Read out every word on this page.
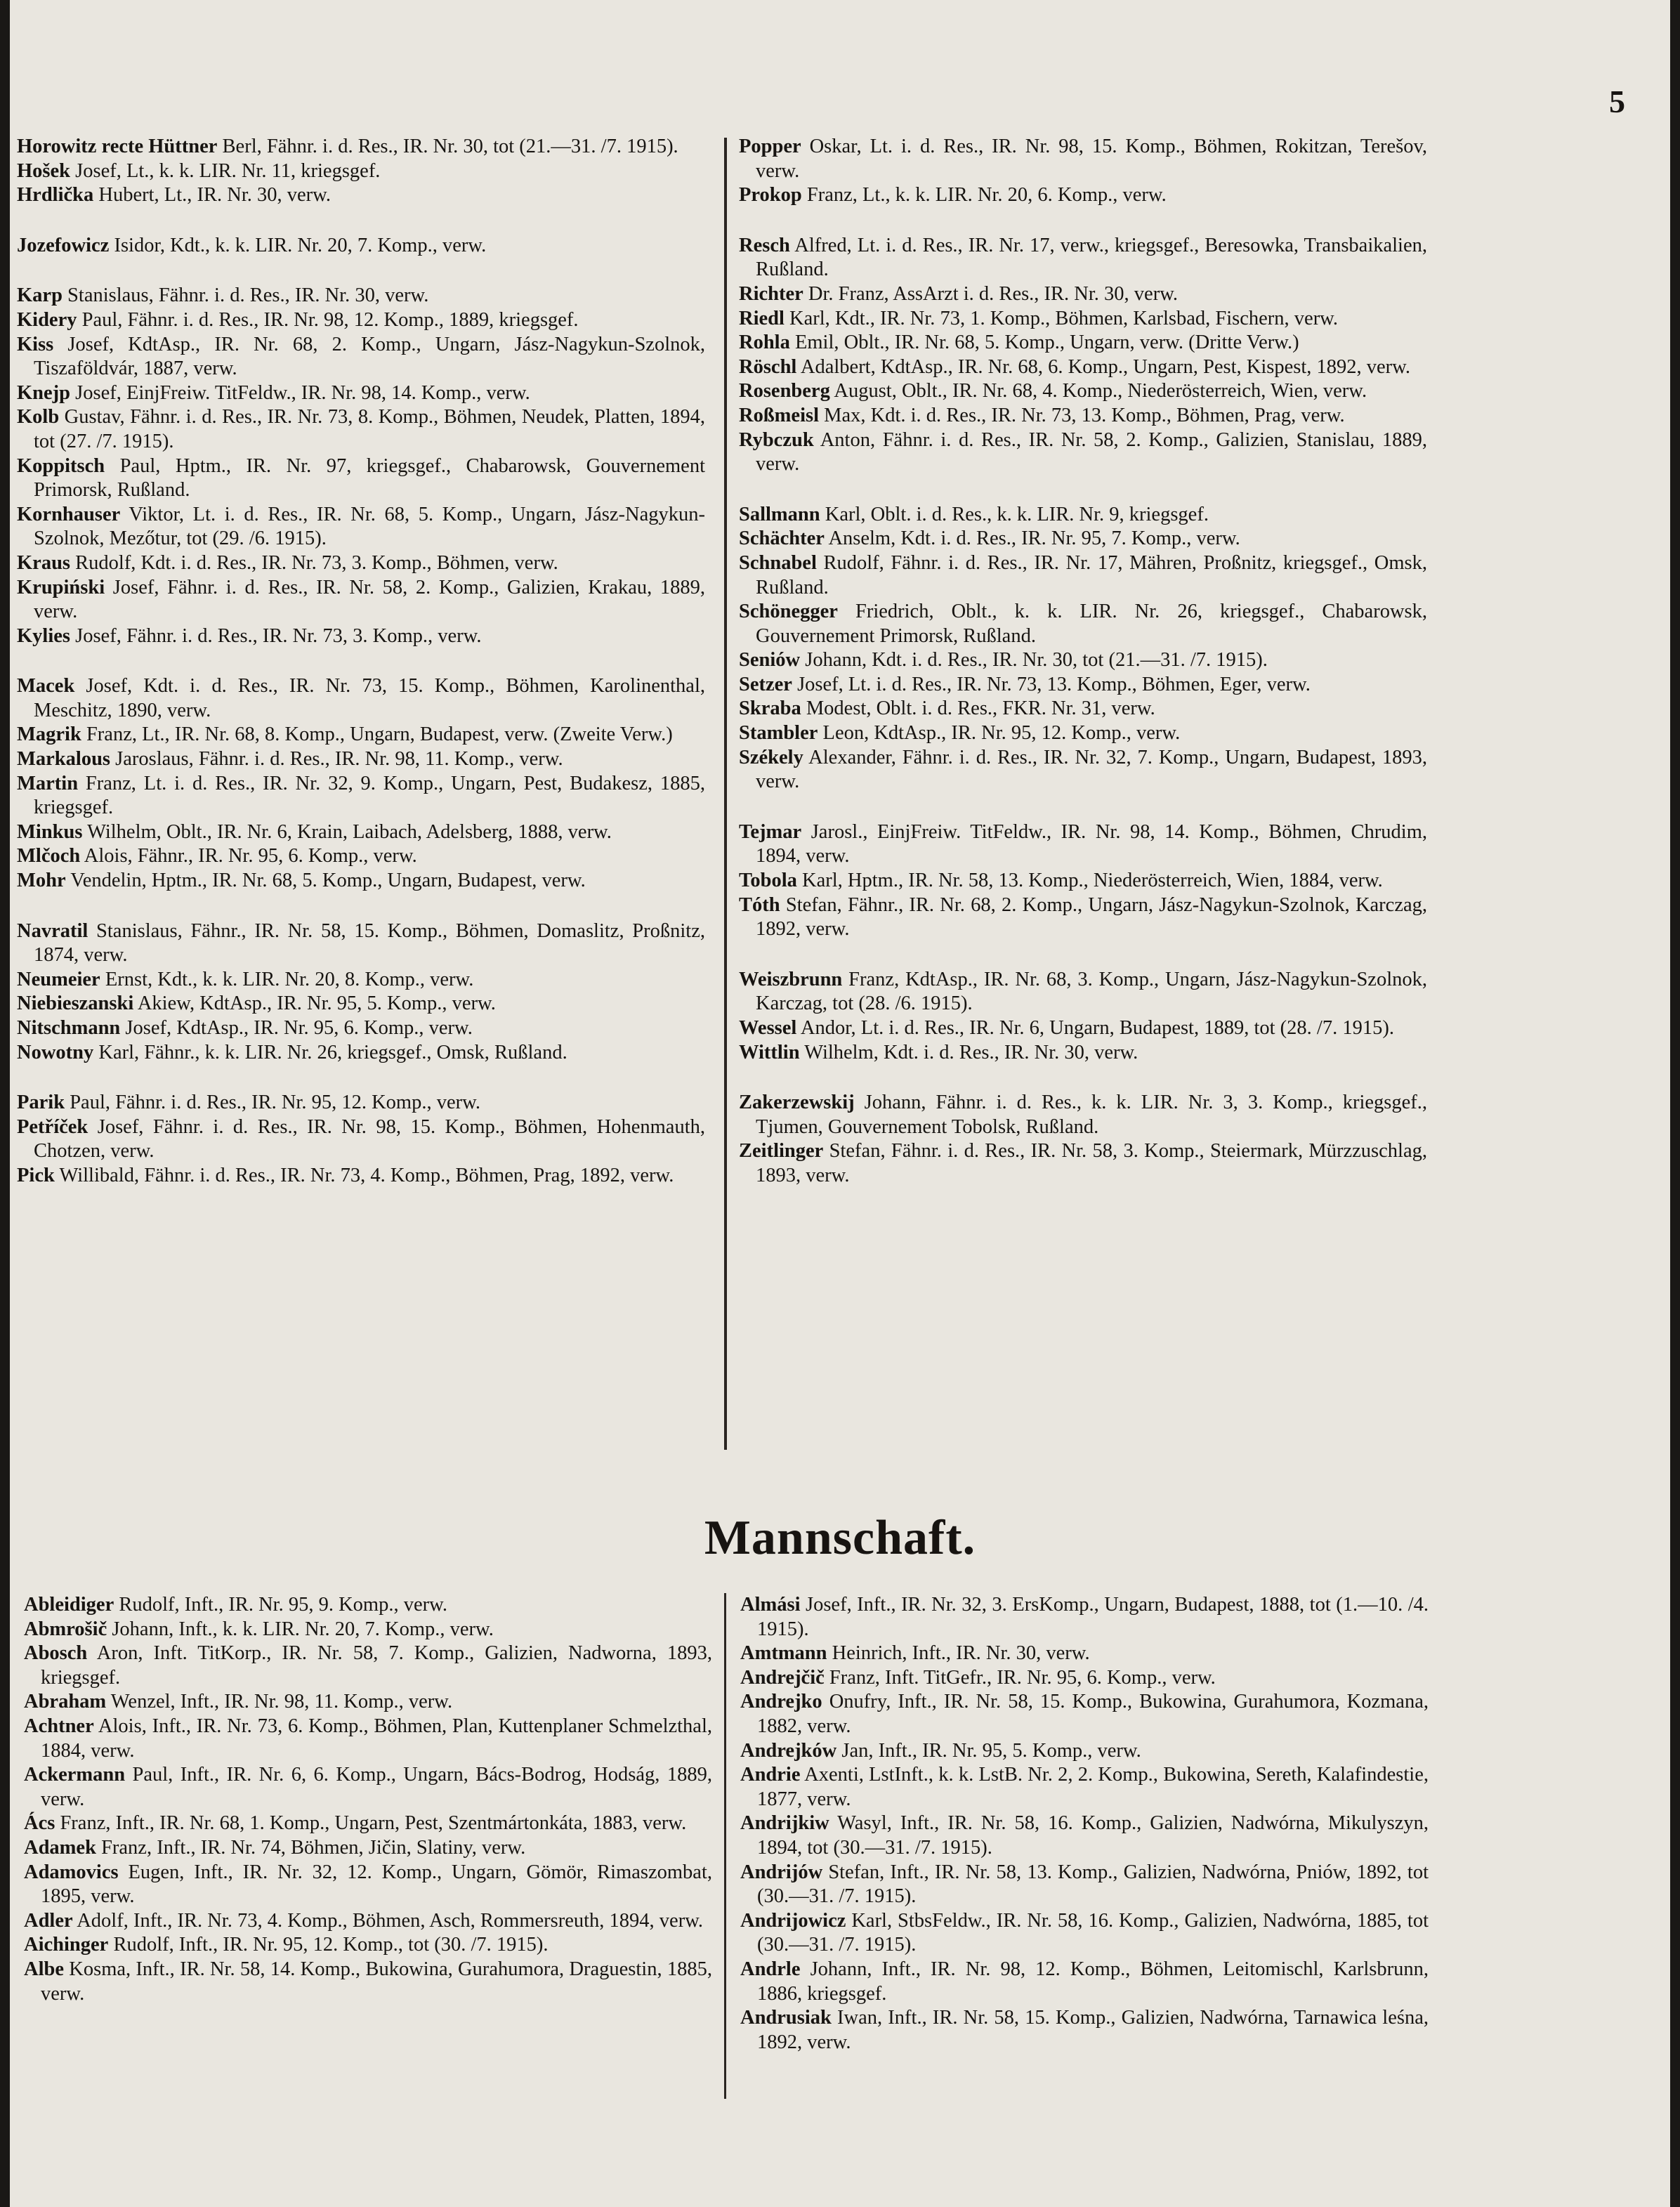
5

Horowitz recte Hüttner Berl, Fähnr. i. d. Res., IR. Nr. 30, tot (21.—31. /7. 1915).

Hošek Josef, Lt., k. k. LIR. Nr. 11, kriegsgef.

Hrdlička Hubert, Lt., IR. Nr. 30, verw.

Jozefowicz Isidor, Kdt., k. k. LIR. Nr. 20, 7. Komp., verw.

Karp Stanislaus, Fähnr. i. d. Res., IR. Nr. 30, verw.

Kidery Paul, Fähnr. i. d. Res., IR. Nr. 98, 12. Komp., 1889, kriegsgef.

Kiss Josef, KdtAsp., IR. Nr. 68, 2. Komp., Ungarn, Jász-Nagykun-Szolnok, Tiszaföldvár, 1887, verw.

Knejp Josef, EinjFreiw. TitFeldw., IR. Nr. 98, 14. Komp., verw.

Kolb Gustav, Fähnr. i. d. Res., IR. Nr. 73, 8. Komp., Böhmen, Neudek, Platten, 1894, tot (27. /7. 1915).

Koppitsch Paul, Hptm., IR. Nr. 97, kriegsgef., Chabarowsk, Gouvernement Primorsk, Rußland.

Kornhauser Viktor, Lt. i. d. Res., IR. Nr. 68, 5. Komp., Ungarn, Jász-Nagykun-Szolnok, Mezőtur, tot (29. /6. 1915).

Kraus Rudolf, Kdt. i. d. Res., IR. Nr. 73, 3. Komp., Böhmen, verw.

Krupiński Josef, Fähnr. i. d. Res., IR. Nr. 58, 2. Komp., Galizien, Krakau, 1889, verw.

Kylies Josef, Fähnr. i. d. Res., IR. Nr. 73, 3. Komp., verw.

Macek Josef, Kdt. i. d. Res., IR. Nr. 73, 15. Komp., Böhmen, Karolinenthal, Meschitz, 1890, verw.

Magrik Franz, Lt., IR. Nr. 68, 8. Komp., Ungarn, Budapest, verw. (Zweite Verw.)

Markalous Jaroslaus, Fähnr. i. d. Res., IR. Nr. 98, 11. Komp., verw.

Martin Franz, Lt. i. d. Res., IR. Nr. 32, 9. Komp., Ungarn, Pest, Budakesz, 1885, kriegsgef.

Minkus Wilhelm, Oblt., IR. Nr. 6, Krain, Laibach, Adelsberg, 1888, verw.

Mlčoch Alois, Fähnr., IR. Nr. 95, 6. Komp., verw.

Mohr Vendelin, Hptm., IR. Nr. 68, 5. Komp., Ungarn, Budapest, verw.

Navratil Stanislaus, Fähnr., IR. Nr. 58, 15. Komp., Böhmen, Domaslitz, Proßnitz, 1874, verw.

Neumeier Ernst, Kdt., k. k. LIR. Nr. 20, 8. Komp., verw.

Niebieszanski Akiew, KdtAsp., IR. Nr. 95, 5. Komp., verw.

Nitschmann Josef, KdtAsp., IR. Nr. 95, 6. Komp., verw.

Nowotny Karl, Fähnr., k. k. LIR. Nr. 26, kriegsgef., Omsk, Rußland.

Parik Paul, Fähnr. i. d. Res., IR. Nr. 95, 12. Komp., verw.

Petříček Josef, Fähnr. i. d. Res., IR. Nr. 98, 15. Komp., Böhmen, Hohenmauth, Chotzen, verw.

Pick Willibald, Fähnr. i. d. Res., IR. Nr. 73, 4. Komp., Böhmen, Prag, 1892, verw.

Popper Oskar, Lt. i. d. Res., IR. Nr. 98, 15. Komp., Böhmen, Rokitzan, Terešov, verw.

Prokop Franz, Lt., k. k. LIR. Nr. 20, 6. Komp., verw.

Resch Alfred, Lt. i. d. Res., IR. Nr. 17, verw., kriegsgef., Beresowka, Transbaikalien, Rußland.

Richter Dr. Franz, AssArzt i. d. Res., IR. Nr. 30, verw.

Riedl Karl, Kdt., IR. Nr. 73, 1. Komp., Böhmen, Karlsbad, Fischern, verw.

Rohla Emil, Oblt., IR. Nr. 68, 5. Komp., Ungarn, verw. (Dritte Verw.)

Röschl Adalbert, KdtAsp., IR. Nr. 68, 6. Komp., Ungarn, Pest, Kispest, 1892, verw.

Rosenberg August, Oblt., IR. Nr. 68, 4. Komp., Niederösterreich, Wien, verw.

Roßmeisl Max, Kdt. i. d. Res., IR. Nr. 73, 13. Komp., Böhmen, Prag, verw.

Rybczuk Anton, Fähnr. i. d. Res., IR. Nr. 58, 2. Komp., Galizien, Stanislau, 1889, verw.

Sallmann Karl, Oblt. i. d. Res., k. k. LIR. Nr. 9, kriegsgef.

Schächter Anselm, Kdt. i. d. Res., IR. Nr. 95, 7. Komp., verw.

Schnabel Rudolf, Fähnr. i. d. Res., IR. Nr. 17, Mähren, Proßnitz, kriegsgef., Omsk, Rußland.

Schönegger Friedrich, Oblt., k. k. LIR. Nr. 26, kriegsgef., Chabarowsk, Gouvernement Primorsk, Rußland.

Seniów Johann, Kdt. i. d. Res., IR. Nr. 30, tot (21.—31. /7. 1915).

Setzer Josef, Lt. i. d. Res., IR. Nr. 73, 13. Komp., Böhmen, Eger, verw.

Skraba Modest, Oblt. i. d. Res., FKR. Nr. 31, verw.

Stambler Leon, KdtAsp., IR. Nr. 95, 12. Komp., verw.

Székely Alexander, Fähnr. i. d. Res., IR. Nr. 32, 7. Komp., Ungarn, Budapest, 1893, verw.

Tejmar Jarosl., EinjFreiw. TitFeldw., IR. Nr. 98, 14. Komp., Böhmen, Chrudim, 1894, verw.

Tobola Karl, Hptm., IR. Nr. 58, 13. Komp., Niederösterreich, Wien, 1884, verw.

Tóth Stefan, Fähnr., IR. Nr. 68, 2. Komp., Ungarn, Jász-Nagykun-Szolnok, Karczag, 1892, verw.

Weiszbrunn Franz, KdtAsp., IR. Nr. 68, 3. Komp., Ungarn, Jász-Nagykun-Szolnok, Karczag, tot (28. /6. 1915).

Wessel Andor, Lt. i. d. Res., IR. Nr. 6, Ungarn, Budapest, 1889, tot (28. /7. 1915).

Wittlin Wilhelm, Kdt. i. d. Res., IR. Nr. 30, verw.

Zakerzewskij Johann, Fähnr. i. d. Res., k. k. LIR. Nr. 3, 3. Komp., kriegsgef., Tjumen, Gouvernement Tobolsk, Rußland.

Zeitlinger Stefan, Fähnr. i. d. Res., IR. Nr. 58, 3. Komp., Steiermark, Mürzzuschlag, 1893, verw.

Mannschaft.

Ableidiger Rudolf, Inft., IR. Nr. 95, 9. Komp., verw.

Abmrošič Johann, Inft., k. k. LIR. Nr. 20, 7. Komp., verw.

Abosch Aron, Inft. TitKorp., IR. Nr. 58, 7. Komp., Galizien, Nadworna, 1893, kriegsgef.

Abraham Wenzel, Inft., IR. Nr. 98, 11. Komp., verw.

Achtner Alois, Inft., IR. Nr. 73, 6. Komp., Böhmen, Plan, Kuttenplaner Schmelzthal, 1884, verw.

Ackermann Paul, Inft., IR. Nr. 6, 6. Komp., Ungarn, Bács-Bodrog, Hodság, 1889, verw.

Ács Franz, Inft., IR. Nr. 68, 1. Komp., Ungarn, Pest, Szentmártonkáta, 1883, verw.

Adamek Franz, Inft., IR. Nr. 74, Böhmen, Jičin, Slatiny, verw.

Adamovics Eugen, Inft., IR. Nr. 32, 12. Komp., Ungarn, Gömör, Rimaszombat, 1895, verw.

Adler Adolf, Inft., IR. Nr. 73, 4. Komp., Böhmen, Asch, Rommersreuth, 1894, verw.

Aichinger Rudolf, Inft., IR. Nr. 95, 12. Komp., tot (30. /7. 1915).

Albe Kosma, Inft., IR. Nr. 58, 14. Komp., Bukowina, Gurahumora, Draguestin, 1885, verw.

Almási Josef, Inft., IR. Nr. 32, 3. ErsKomp., Ungarn, Budapest, 1888, tot (1.—10. /4. 1915).

Amtmann Heinrich, Inft., IR. Nr. 30, verw.

Andrejčič Franz, Inft. TitGefr., IR. Nr. 95, 6. Komp., verw.

Andrejko Onufry, Inft., IR. Nr. 58, 15. Komp., Bukowina, Gurahumora, Kozmana, 1882, verw.

Andrejków Jan, Inft., IR. Nr. 95, 5. Komp., verw.

Andrie Axenti, LstInft., k. k. LstB. Nr. 2, 2. Komp., Bukowina, Sereth, Kalafindestie, 1877, verw.

Andrijkiw Wasyl, Inft., IR. Nr. 58, 16. Komp., Galizien, Nadwórna, Mikulyszyn, 1894, tot (30.—31. /7. 1915).

Andrijów Stefan, Inft., IR. Nr. 58, 13. Komp., Galizien, Nadwórna, Pniów, 1892, tot (30.—31. /7. 1915).

Andrijowicz Karl, StbsFeldw., IR. Nr. 58, 16. Komp., Galizien, Nadwórna, 1885, tot (30.—31. /7. 1915).

Andrle Johann, Inft., IR. Nr. 98, 12. Komp., Böhmen, Leitomischl, Karlsbrunn, 1886, kriegsgef.

Andrusiak Iwan, Inft., IR. Nr. 58, 15. Komp., Galizien, Nadwórna, Tarnawica leśna, 1892, verw.
